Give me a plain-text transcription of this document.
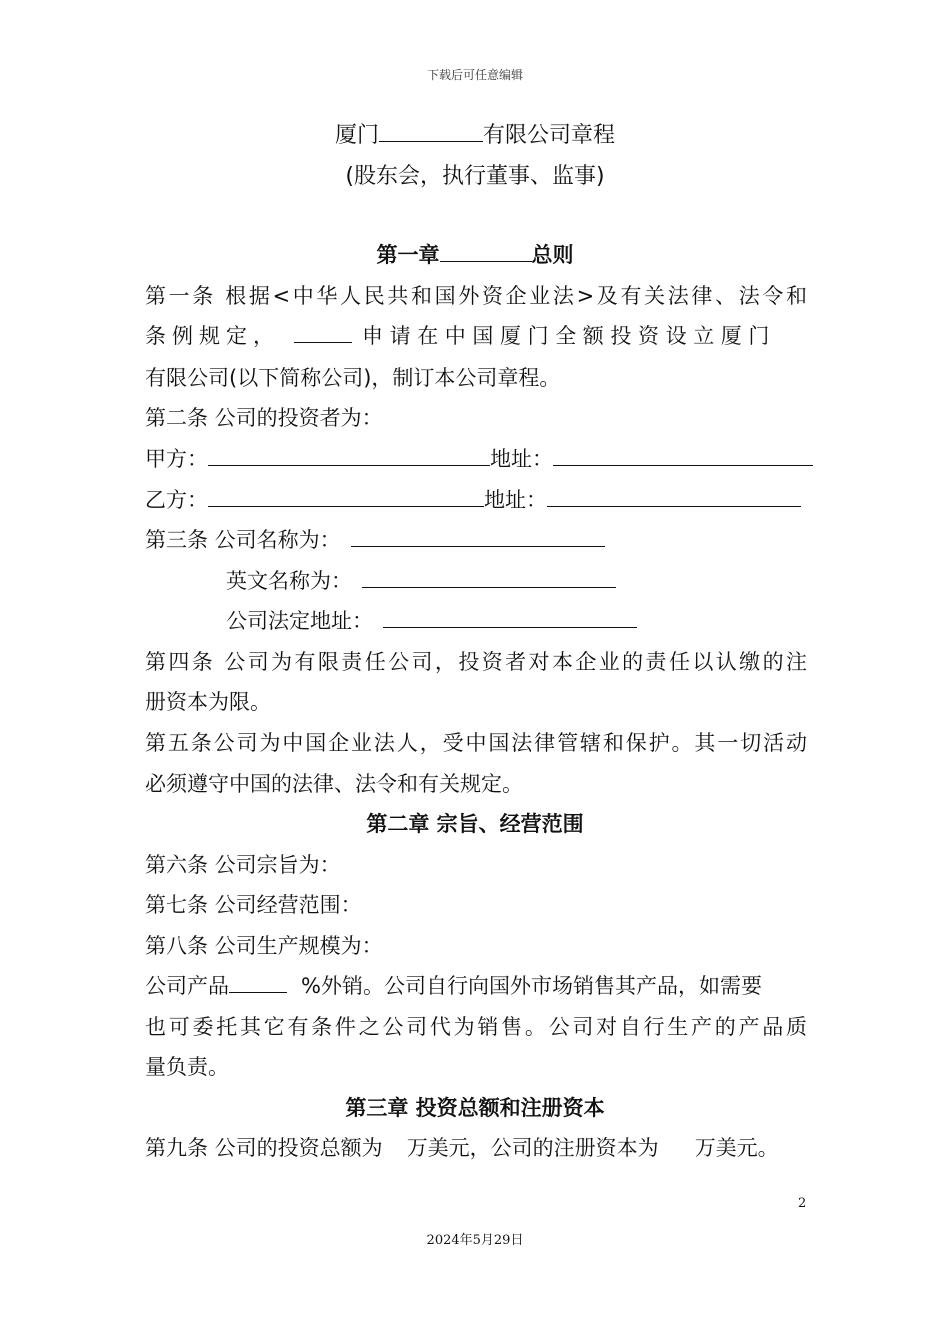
下载后可任意编辑
厦门	有限公司章程
(股东会，执行董事、监事)
第一章	总则
第一条 根据<中华人民共和国外资企业法>及有关法律、法令和
条例规定，	申请在中国厦门全额投资设立厦门
有限公司(以下简称公司)，制订本公司章程。
第二条 公司的投资者为：
甲方：	地址：
乙方：	地址：
第三条 公司名称为：
英文名称为：
公司法定地址：
第四条 公司为有限责任公司，投资者对本企业的责任以认缴的注
册资本为限。
第五条公司为中国企业法人，受中国法律管辖和保护。其一切活动
必须遵守中国的法律、法令和有关规定。
第二章 宗旨、经营范围
第六条 公司宗旨为：
第七条 公司经营范围：
第八条 公司生产规模为：
公司产品	%外销。公司自行向国外市场销售其产品，如需要
也可委托其它有条件之公司代为销售。公司对自行生产的产品质
量负责。
第三章 投资总额和注册资本
第九条 公司的投资总额为 万美元，公司的注册资本为 万美元。
2
2024年5月29日
